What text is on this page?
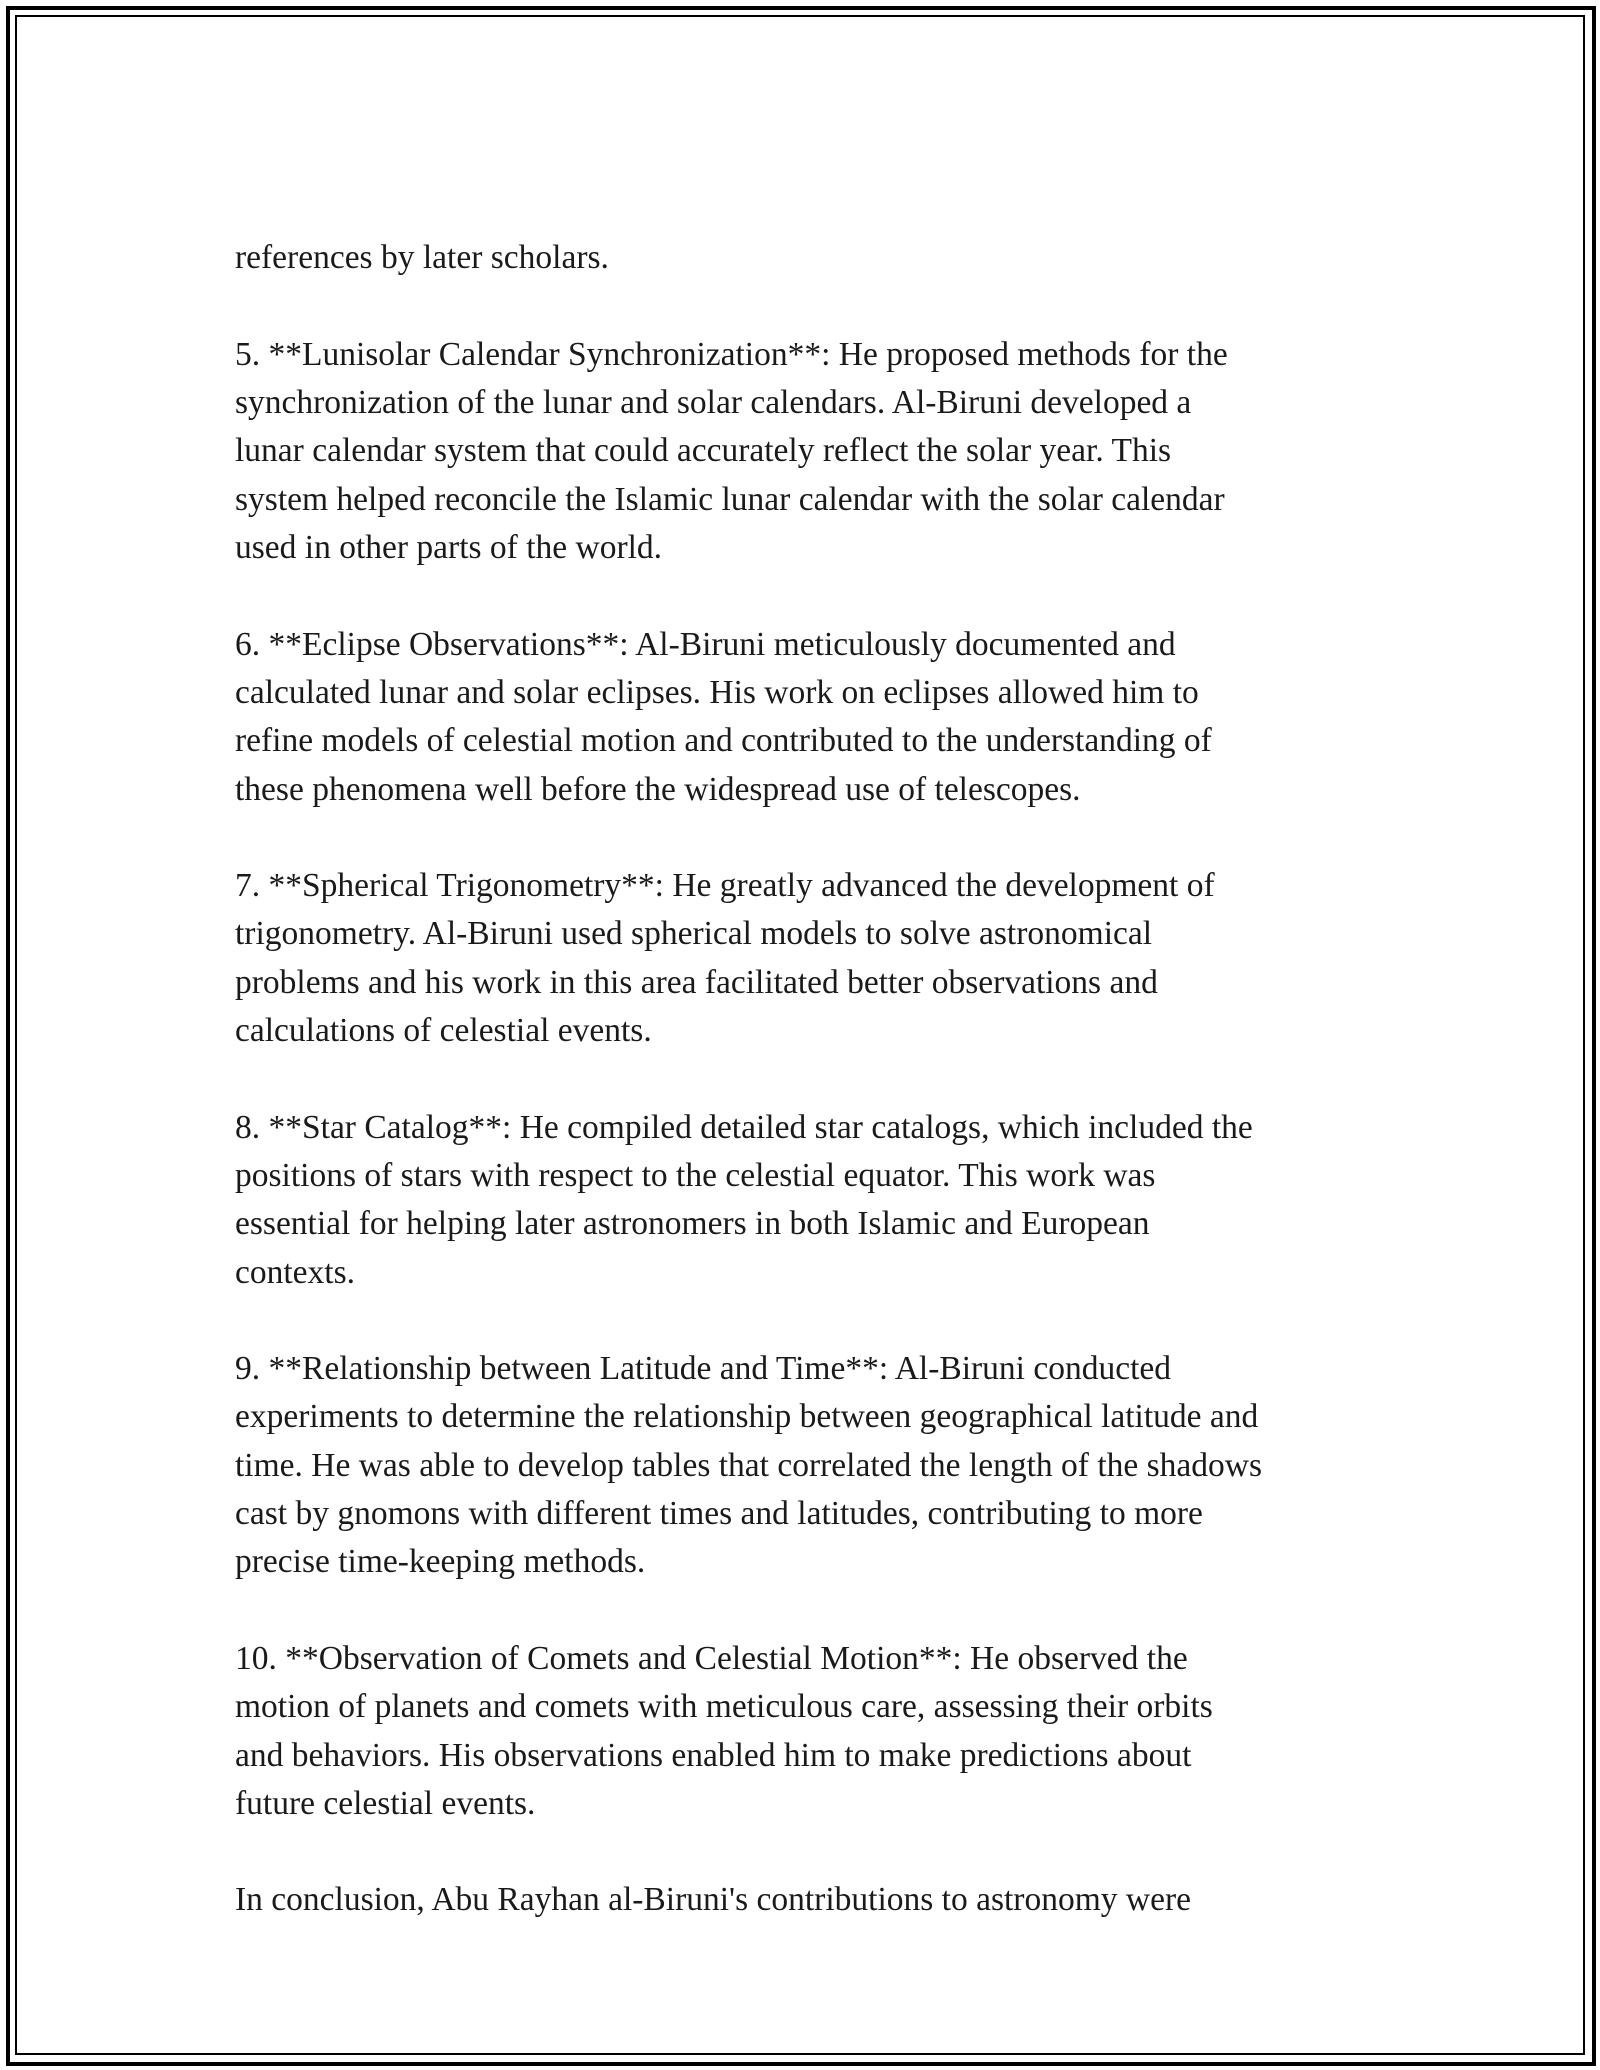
references by later scholars.

5. **Lunisolar Calendar Synchronization**: He proposed methods for the
synchronization of the lunar and solar calendars. Al-Biruni developed a
lunar calendar system that could accurately reflect the solar year. This
system helped reconcile the Islamic lunar calendar with the solar calendar
used in other parts of the world.

6. **Eclipse Observations**: Al-Biruni meticulously documented and
calculated lunar and solar eclipses. His work on eclipses allowed him to
refine models of celestial motion and contributed to the understanding of
these phenomena well before the widespread use of telescopes.

7. **Spherical Trigonometry**: He greatly advanced the development of
trigonometry. Al-Biruni used spherical models to solve astronomical
problems and his work in this area facilitated better observations and
calculations of celestial events.

8. **Star Catalog**: He compiled detailed star catalogs, which included the
positions of stars with respect to the celestial equator. This work was
essential for helping later astronomers in both Islamic and European
contexts.

9. **Relationship between Latitude and Time**: Al-Biruni conducted
experiments to determine the relationship between geographical latitude and
time. He was able to develop tables that correlated the length of the shadows
cast by gnomons with different times and latitudes, contributing to more
precise time-keeping methods.

10. **Observation of Comets and Celestial Motion**: He observed the
motion of planets and comets with meticulous care, assessing their orbits
and behaviors. His observations enabled him to make predictions about
future celestial events.

In conclusion, Abu Rayhan al-Biruni's contributions to astronomy were
